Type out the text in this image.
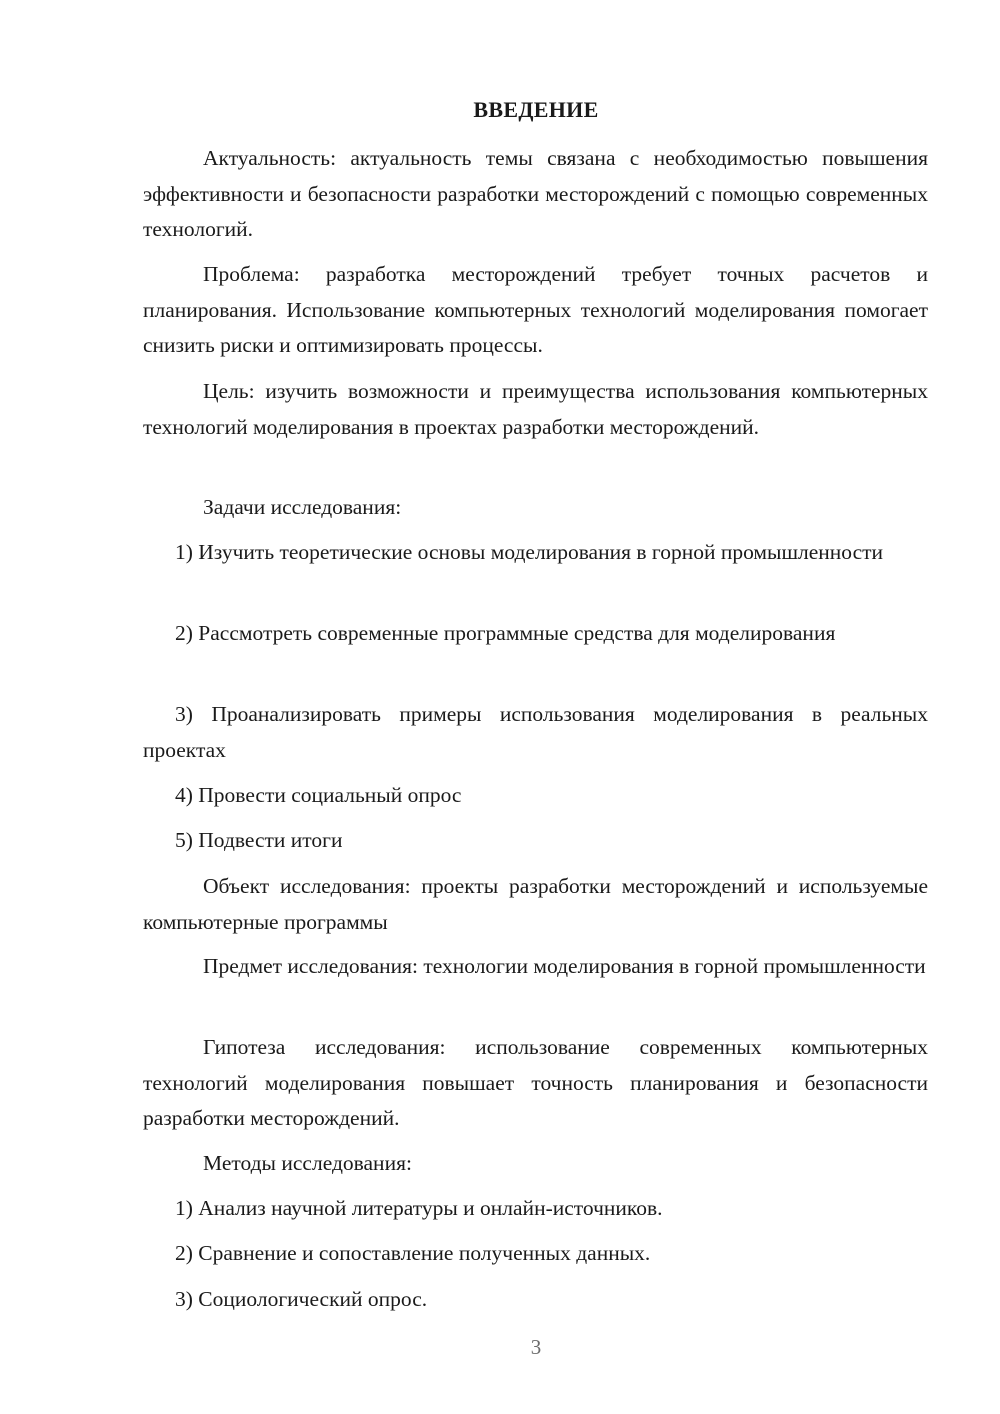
ВВЕДЕНИЕ
Актуальность: актуальность темы связана с необходимостью повышения эффективности и безопасности разработки месторождений с помощью современных технологий.
Проблема: разработка месторождений требует точных расчетов и планирования. Использование компьютерных технологий моделирования помогает снизить риски и оптимизировать процессы.
Цель: изучить возможности и преимущества использования компьютерных технологий моделирования в проектах разработки месторождений.
Задачи исследования:
1) Изучить теоретические основы моделирования в горной промышленности
2) Рассмотреть современные программные средства для моделирования
3) Проанализировать примеры использования моделирования в реальных проектах
4) Провести социальный опрос
5) Подвести итоги
Объект исследования: проекты разработки месторождений и используемые компьютерные программы
Предмет исследования: технологии моделирования в горной промышленности
Гипотеза исследования: использование современных компьютерных технологий моделирования повышает точность планирования и безопасности разработки месторождений.
Методы исследования:
1) Анализ научной литературы и онлайн-источников.
2) Сравнение и сопоставление полученных данных.
3) Социологический опрос.
3
